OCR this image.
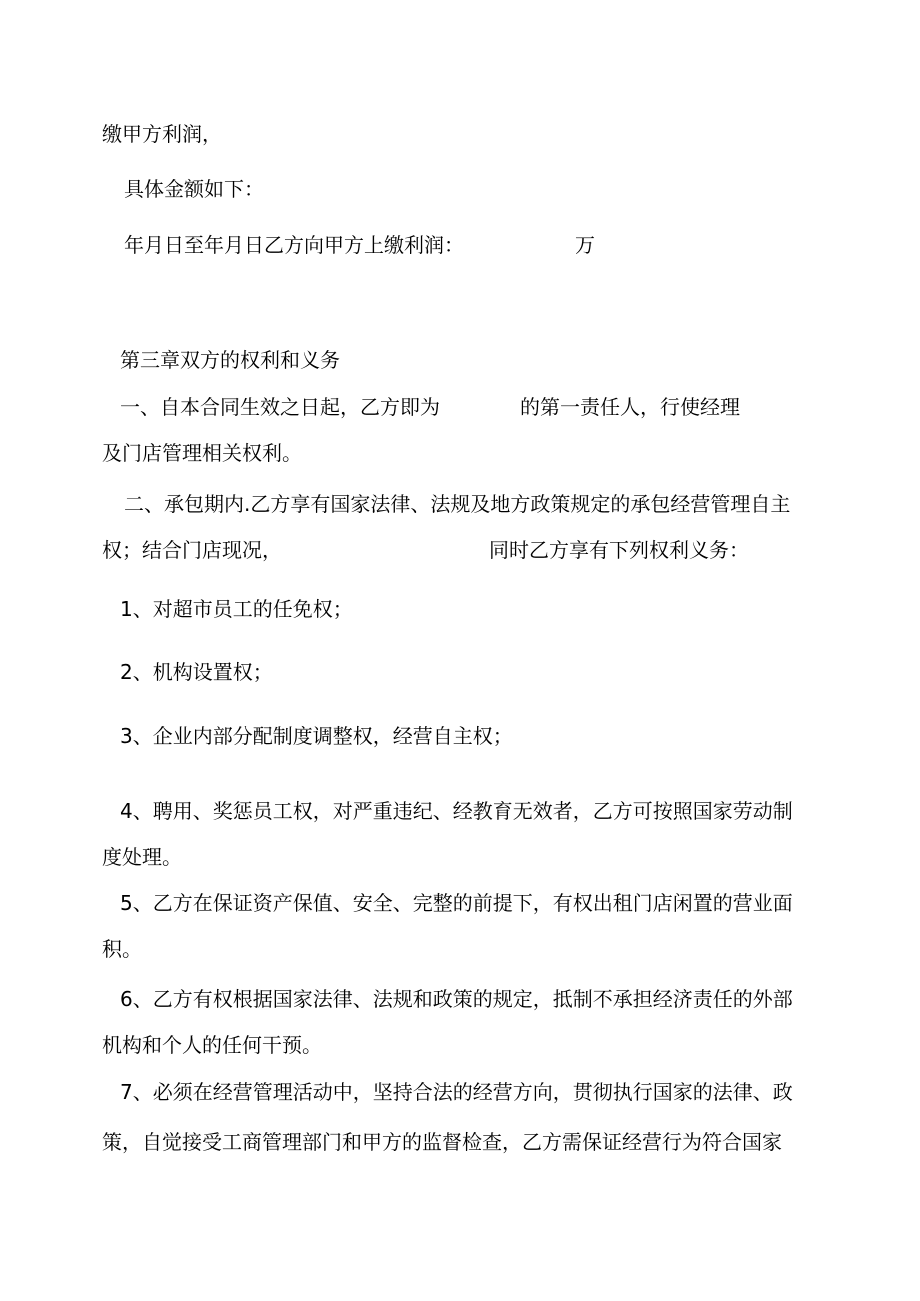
缴甲方利润，

具体金额如下：

年月日至年月日乙方向甲方上缴利润：	万

第三章双方的权利和义务

一、自本合同生效之日起，乙方即为	的第一责任人，行使经理

及门店管理相关权利。

二、承包期内.乙方享有国家法律、法规及地方政策规定的承包经营管理自主

权；结合门店现况，	同时乙方享有下列权利义务：

1、对超市员工的任免权；

2、机构设置权；

3、企业内部分配制度调整权，经营自主权；

4、聘用、奖惩员工权，对严重违纪、经教育无效者，乙方可按照国家劳动制

度处理。

5、乙方在保证资产保值、安全、完整的前提下，有权出租门店闲置的营业面

积。

6、乙方有权根据国家法律、法规和政策的规定，抵制不承担经济责任的外部

机构和个人的任何干预。

7、必须在经营管理活动中，坚持合法的经营方向，贯彻执行国家的法律、政

策，自觉接受工商管理部门和甲方的监督检查，乙方需保证经营行为符合国家
